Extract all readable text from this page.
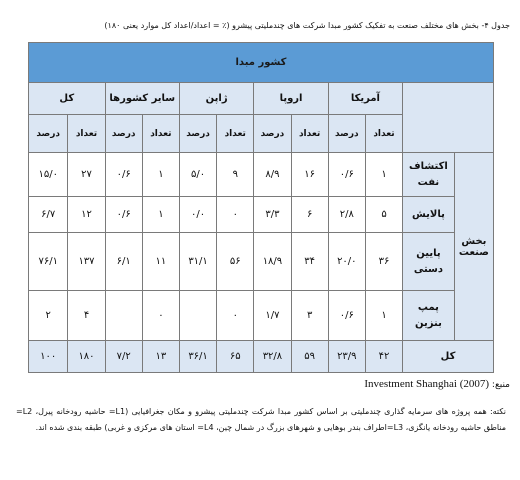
جدول ۴- بخش های مختلف صنعت به تفکیک کشور مبدا شرکت های چندملیتی پیشرو (٪ = اعداد/اعداد کل موارد یعنی ۱۸۰)
کشور مبدا											
		آمریکا		اروپا		ژاپن		سایر کشورها		کل	
		تعداد	درصد	تعداد	درصد	تعداد	درصد	تعداد	درصد	تعداد	درصد
بخش صنعت	اکتشاف نفت	۱	۰/۶	۱۶	۸/۹	۹	۵/۰	۱	۰/۶	۲۷	۱۵/۰
	پالایش	۵	۲/۸	۶	۳/۳	۰	۰/۰	۱	۰/۶	۱۲	۶/۷
	پایین دستی	۳۶	۲۰/۰	۳۴	۱۸/۹	۵۶	۳۱/۱	۱۱	۶/۱	۱۳۷	۷۶/۱
	پمپ بنزین	۱	۰/۶	۳	۱/۷	۰		۰		۴	۲
کل		۴۲	۲۳/۹	۵۹	۳۲/۸	۶۵	۳۶/۱	۱۳	۷/۲	۱۸۰	۱۰۰
منبع: Investment Shanghai (2007)
نکته: همه پروژه های سرمایه گذاری چندملیتی بر اساس کشور مبدا شرکت چندملیتی پیشرو و مکان جغرافیایی (L1= حاشیه رودخانه پیرل، L2= مناطق حاشیه رودخانه یانگزی، L3=اطراف بندر بوهایی و شهرهای بزرگ در شمال چین، L4= استان های مرکزی و غربی) طبقه بندی شده اند.
